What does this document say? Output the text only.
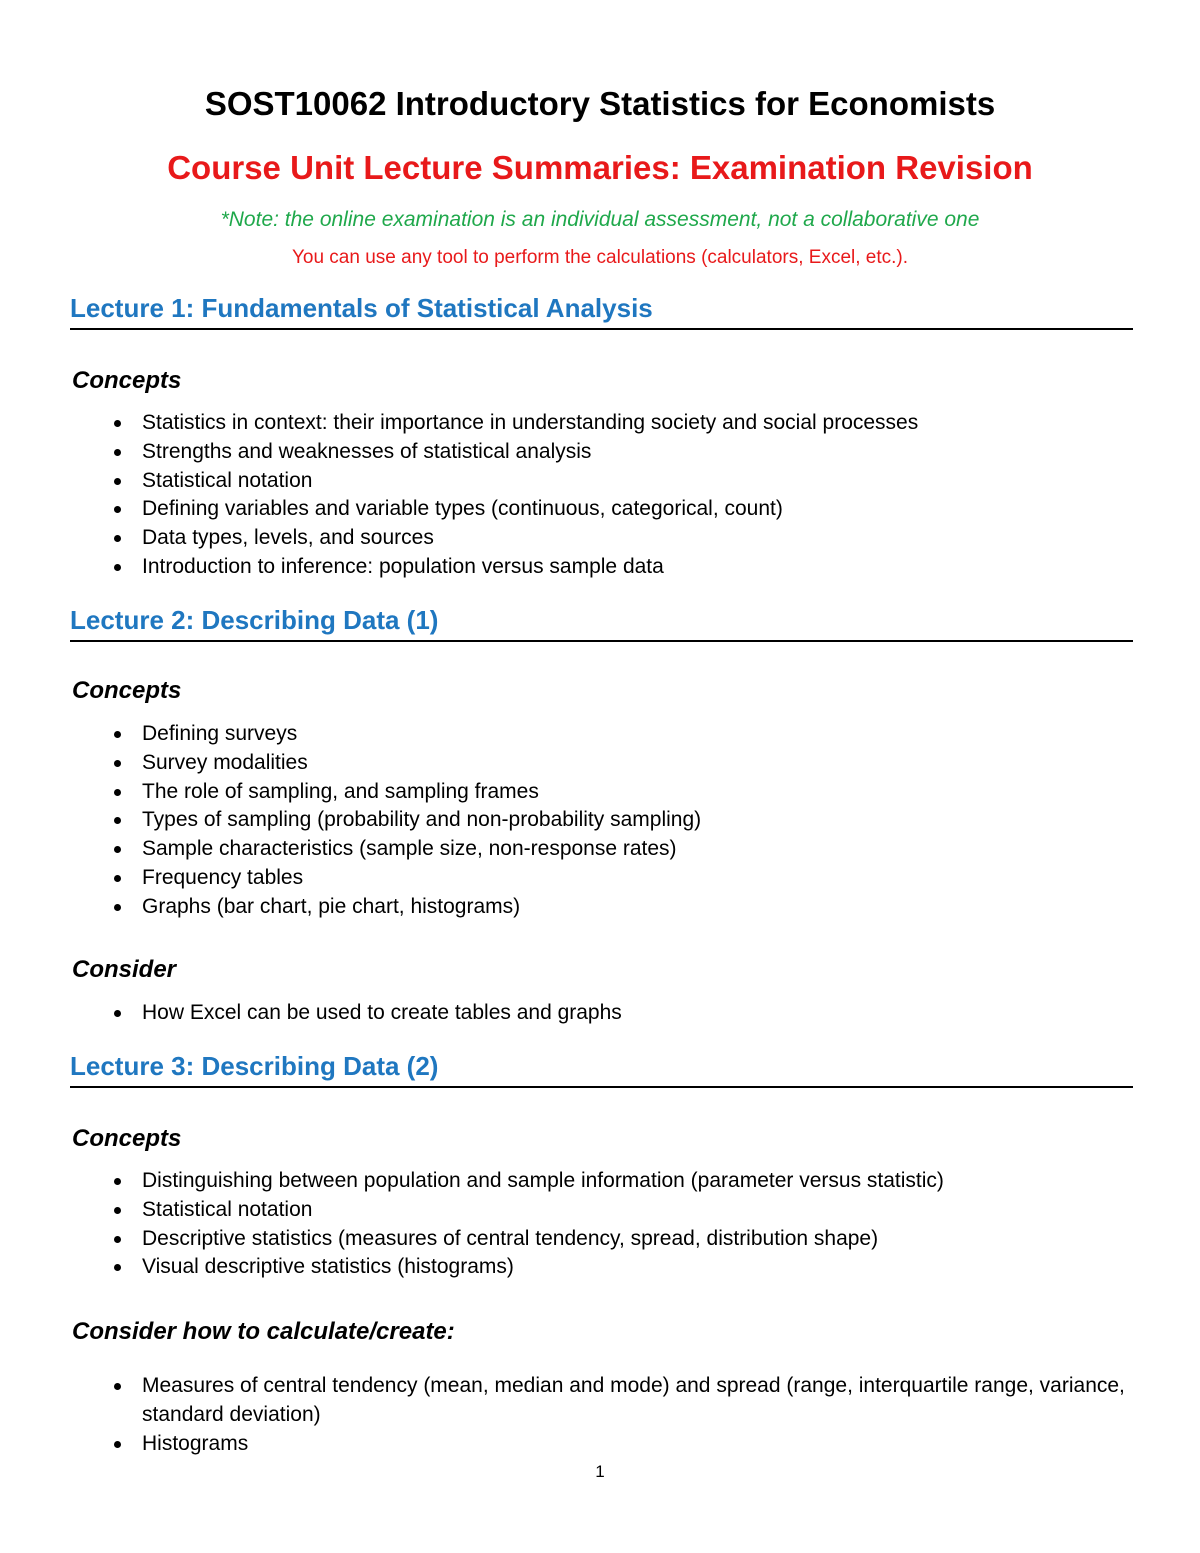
SOST10062 Introductory Statistics for Economists
Course Unit Lecture Summaries: Examination Revision

*Note: the online examination is an individual assessment, not a collaborative one

You can use any tool to perform the calculations (calculators, Excel, etc.).

Lecture 1: Fundamentals of Statistical Analysis
Concepts
Statistics in context: their importance in understanding society and social processes
Strengths and weaknesses of statistical analysis
Statistical notation
Defining variables and variable types (continuous, categorical, count)
Data types, levels, and sources
Introduction to inference: population versus sample data
Lecture 2: Describing Data (1)
Concepts
Defining surveys
Survey modalities
The role of sampling, and sampling frames
Types of sampling (probability and non-probability sampling)
Sample characteristics (sample size, non-response rates)
Frequency tables
Graphs (bar chart, pie chart, histograms)
Consider
How Excel can be used to create tables and graphs
Lecture 3: Describing Data (2)
Concepts
Distinguishing between population and sample information (parameter versus statistic)
Statistical notation
Descriptive statistics (measures of central tendency, spread, distribution shape)
Visual descriptive statistics (histograms)
Consider how to calculate/create:
Measures of central tendency (mean, median and mode) and spread (range, interquartile range, variance, standard deviation)
Histograms

1
